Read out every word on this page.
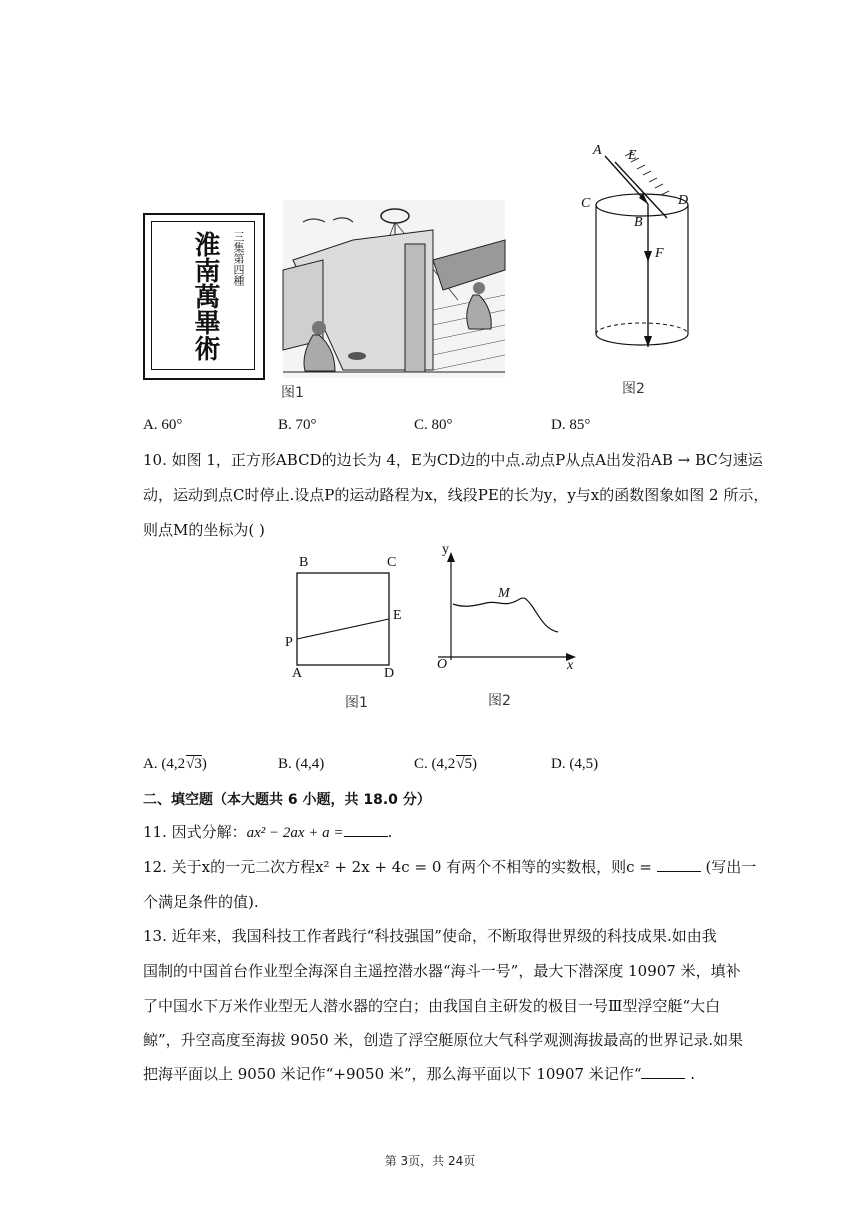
淮南萬畢術 三集第四種
图1
A E
C	D
B
F
图2
A. 60°	B. 70°	C. 80°	D. 85°
10. 如图 1，正方形ABCD的边长为 4，E为CD边的中点.动点P从点A出发沿AB → BC匀速运
动，运动到点C时停止.设点P的运动路程为x，线段PE的长为y，y与x的函数图象如图 2 所示，
则点M的坐标为( )
B	C
E
P
A	D
图1
y
M
O	x
图2
A. (4,2√3)	B. (4,4)	C. (4,2√5)	D. (4,5)
二、填空题（本大题共 6 小题，共 18.0 分）
11. 因式分解：ax² − 2ax + a =	.
12. 关于x的一元二次方程x² + 2x + 4c = 0 有两个不相等的实数根，则c =	(写出一
个满足条件的值).
13. 近年来，我国科技工作者践行“科技强国”使命，不断取得世界级的科技成果.如由我
国制的中国首台作业型全海深自主遥控潜水器“海斗一号”，最大下潜深度 10907 米，填补
了中国水下万米作业型无人潜水器的空白；由我国自主研发的极目一号Ⅲ型浮空艇“大白
鲸”，升空高度至海拔 9050 米，创造了浮空艇原位大气科学观测海拔最高的世界记录.如果
把海平面以上 9050 米记作“+9050 米”，那么海平面以下 10907 米记作“	.
第 3页，共 24页
